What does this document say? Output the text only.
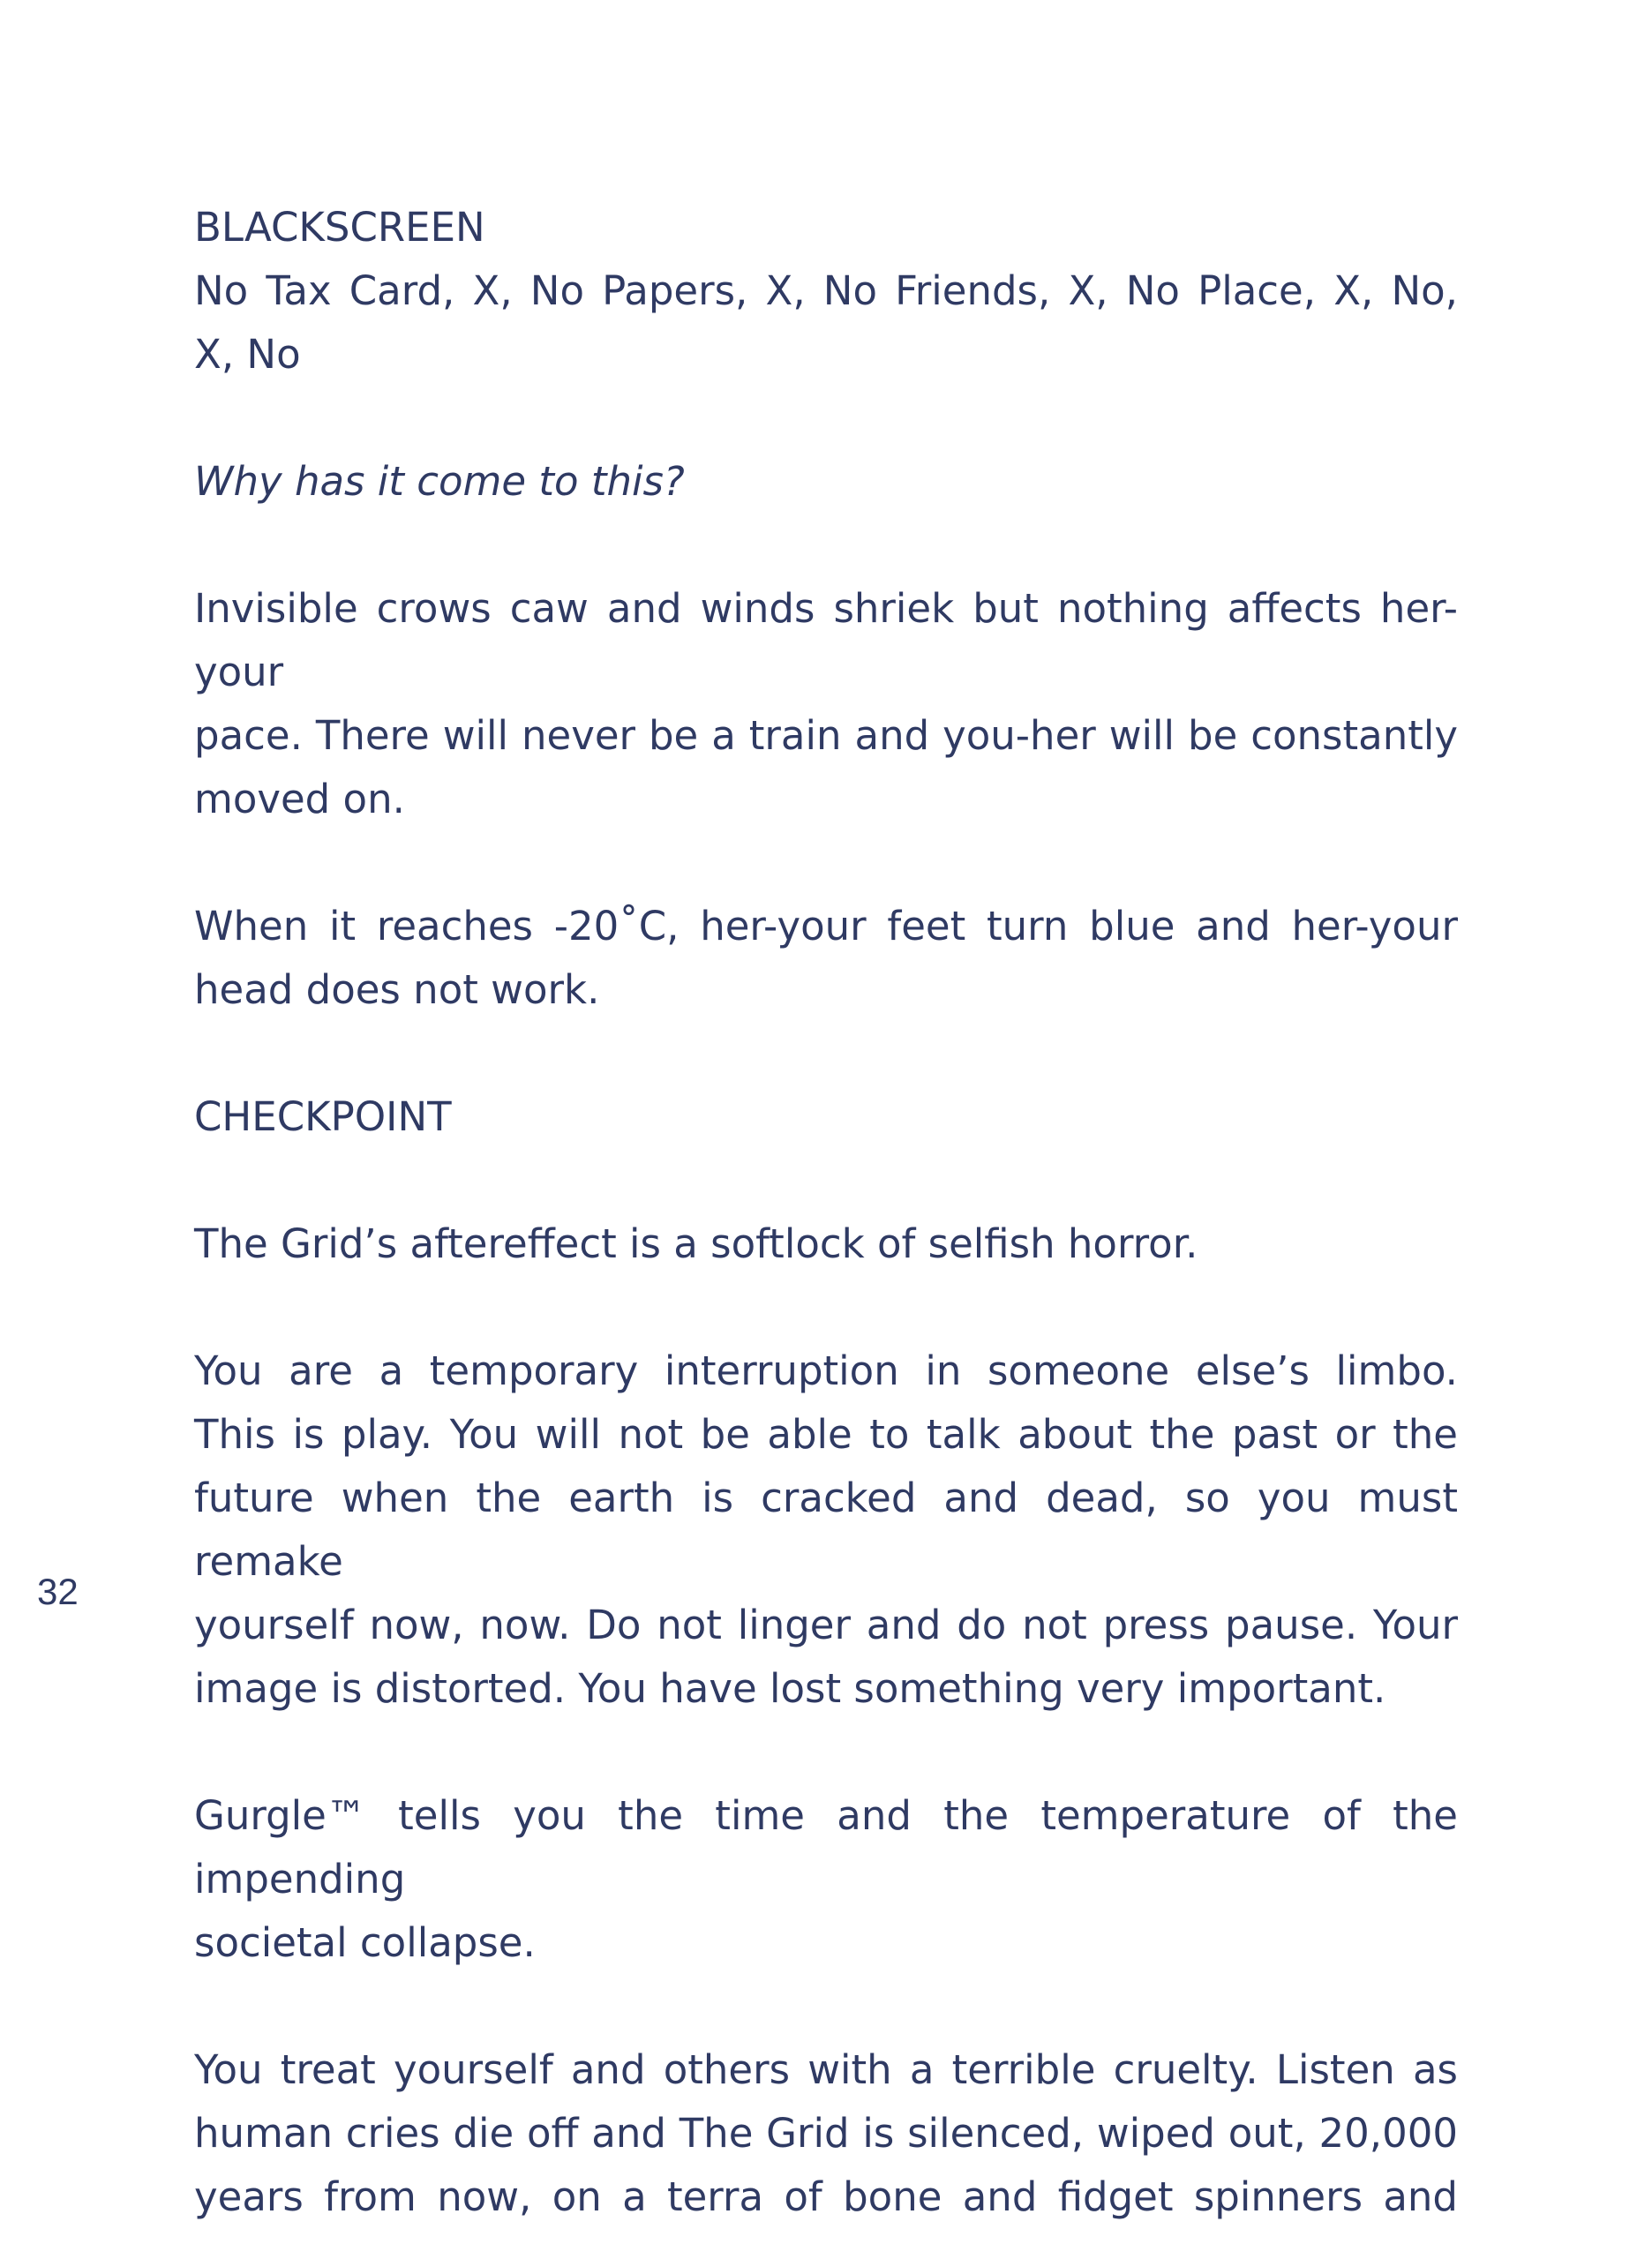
BLACKSCREEN

No Tax Card, X, No Papers, X, No Friends, X, No Place, X, No,

X, No

Why has it come to this?

Invisible crows caw and winds shriek but nothing affects her-your

pace. There will never be a train and you-her will be constantly

moved on.

When it reaches -20˚C, her-your feet turn blue and her-your

head does not work.

CHECKPOINT

The Grid’s aftereffect is a softlock of selfish horror.

You are a temporary interruption in someone else’s limbo.

This is play. You will not be able to talk about the past or the

future when the earth is cracked and dead, so you must remake

yourself now, now. Do not linger and do not press pause. Your

image is distorted. You have lost something very important.

Gurgle™ tells you the time and the temperature of the impending

societal collapse.

You treat yourself and others with a terrible cruelty. Listen as

human cries die off and The Grid is silenced, wiped out, 20,000

years from now, on a terra of bone and fidget spinners and

32
